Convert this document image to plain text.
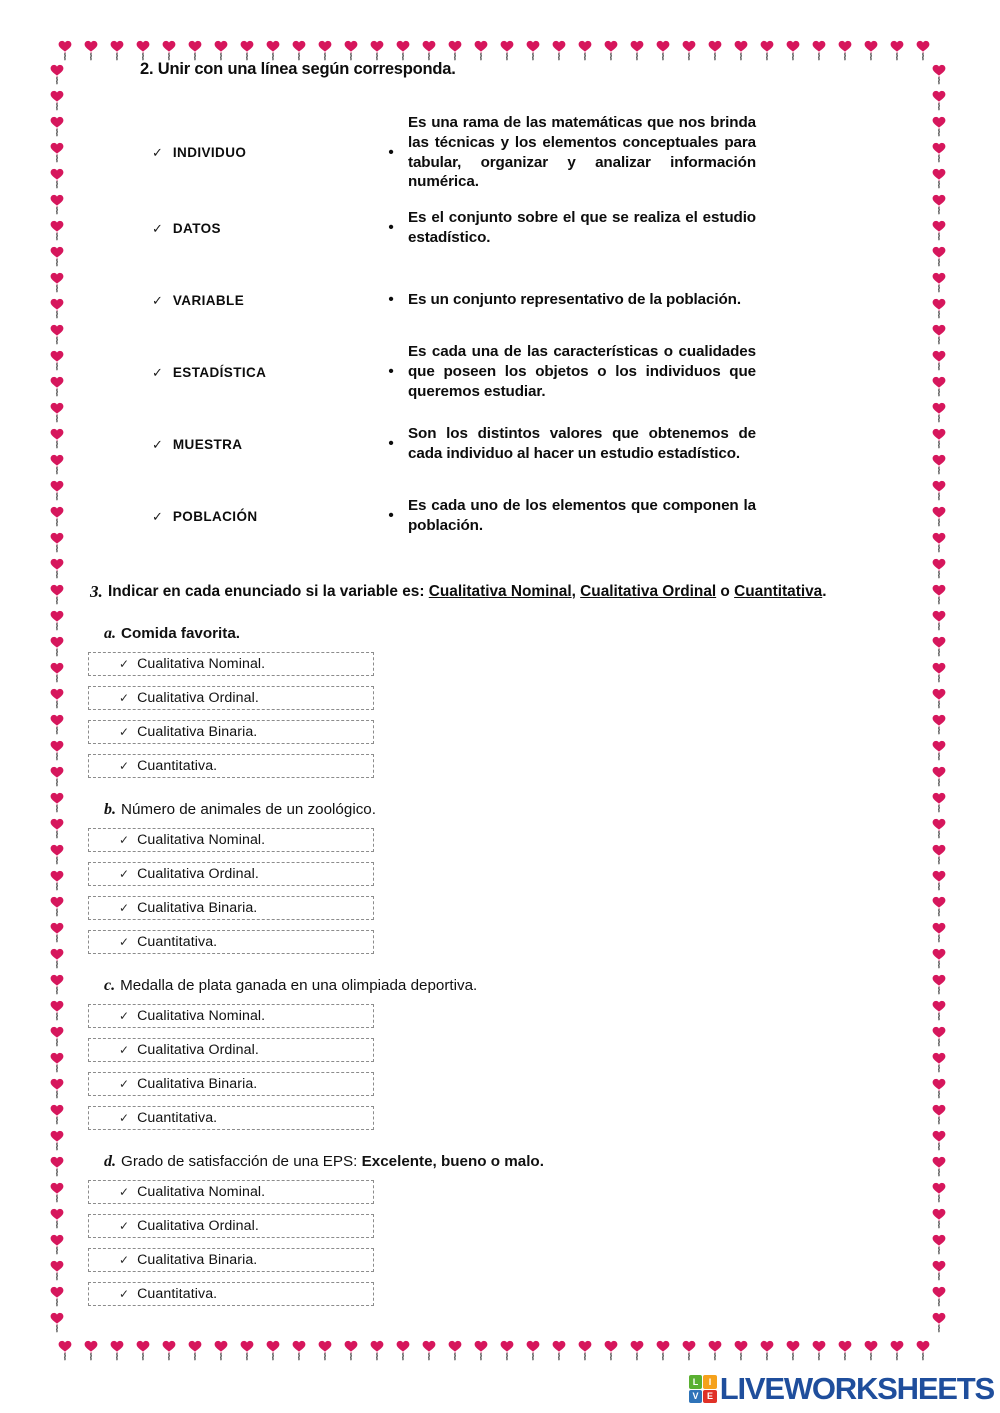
2. Unir con una línea según corresponda.
✓ INDIVIDUO	•
Es una rama de las matemáticas que nos brinda las técnicas y los elementos conceptuales para tabular, organizar y analizar información numérica.
✓ DATOS	•
Es el conjunto sobre el que se realiza el estudio estadístico.
✓ VARIABLE	• Es un conjunto representativo de la población.
✓ ESTADÍSTICA	•
Es cada una de las características o cualidades que poseen los objetos o los individuos que queremos estudiar.
✓ MUESTRA	•
Son los distintos valores que obtenemos de cada individuo al hacer un estudio estadístico.
✓ POBLACIÓN	•
Es cada uno de los elementos que componen la población.
3. Indicar en cada enunciado si la variable es: Cualitativa Nominal, Cualitativa Ordinal o Cuantitativa.
a. Comida favorita.
✓ Cualitativa Nominal.
✓ Cualitativa Ordinal.
✓ Cualitativa Binaria.
✓ Cuantitativa.
b. Número de animales de un zoológico.
✓ Cualitativa Nominal.
✓ Cualitativa Ordinal.
✓ Cualitativa Binaria.
✓ Cuantitativa.
c. Medalla de plata ganada en una olimpiada deportiva.
✓ Cualitativa Nominal.
✓ Cualitativa Ordinal.
✓ Cualitativa Binaria.
✓ Cuantitativa.
d. Grado de satisfacción de una EPS: Excelente, bueno o malo.
✓ Cualitativa Nominal.
✓ Cualitativa Ordinal.
✓ Cualitativa Binaria.
✓ Cuantitativa.
L	I
V E LIVEWORKSHEETS
